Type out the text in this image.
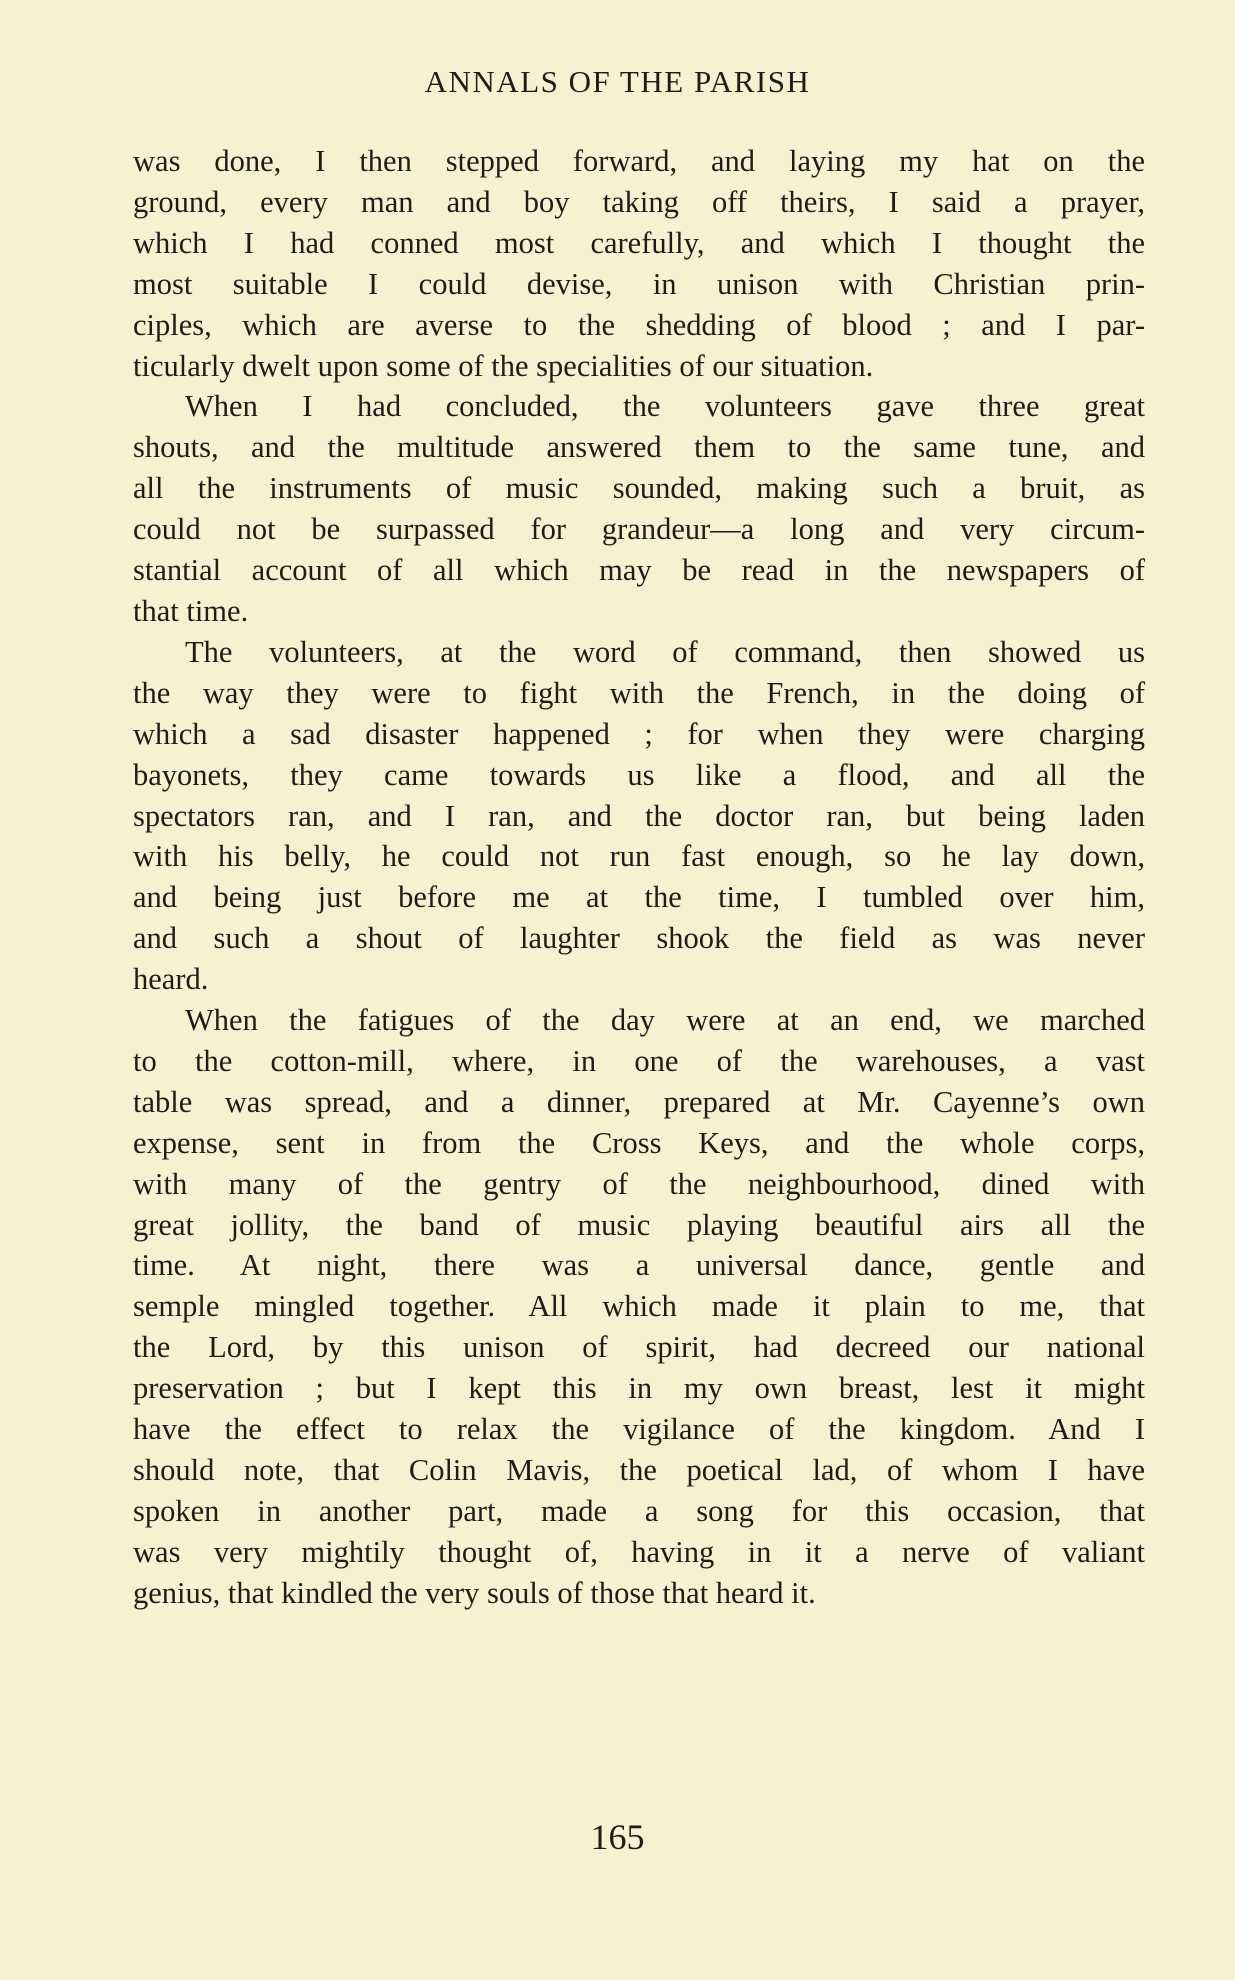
ANNALS OF THE PARISH
was done, I then stepped forward, and laying my hat on the
ground, every man and boy taking off theirs, I said a prayer,
which I had conned most carefully, and which I thought the
most suitable I could devise, in unison with Christian prin-
ciples, which are averse to the shedding of blood ; and I par-
ticularly dwelt upon some of the specialities of our situation.
When I had concluded, the volunteers gave three great
shouts, and the multitude answered them to the same tune, and
all the instruments of music sounded, making such a bruit, as
could not be surpassed for grandeur—a long and very circum-
stantial account of all which may be read in the newspapers of
that time.
The volunteers, at the word of command, then showed us
the way they were to fight with the French, in the doing of
which a sad disaster happened ; for when they were charging
bayonets, they came towards us like a flood, and all the
spectators ran, and I ran, and the doctor ran, but being laden
with his belly, he could not run fast enough, so he lay down,
and being just before me at the time, I tumbled over him,
and such a shout of laughter shook the field as was never
heard.
When the fatigues of the day were at an end, we marched
to the cotton-mill, where, in one of the warehouses, a vast
table was spread, and a dinner, prepared at Mr. Cayenne’s own
expense, sent in from the Cross Keys, and the whole corps,
with many of the gentry of the neighbourhood, dined with
great jollity, the band of music playing beautiful airs all the
time. At night, there was a universal dance, gentle and
semple mingled together. All which made it plain to me, that
the Lord, by this unison of spirit, had decreed our national
preservation ; but I kept this in my own breast, lest it might
have the effect to relax the vigilance of the kingdom. And I
should note, that Colin Mavis, the poetical lad, of whom I have
spoken in another part, made a song for this occasion, that
was very mightily thought of, having in it a nerve of valiant
genius, that kindled the very souls of those that heard it.
165
